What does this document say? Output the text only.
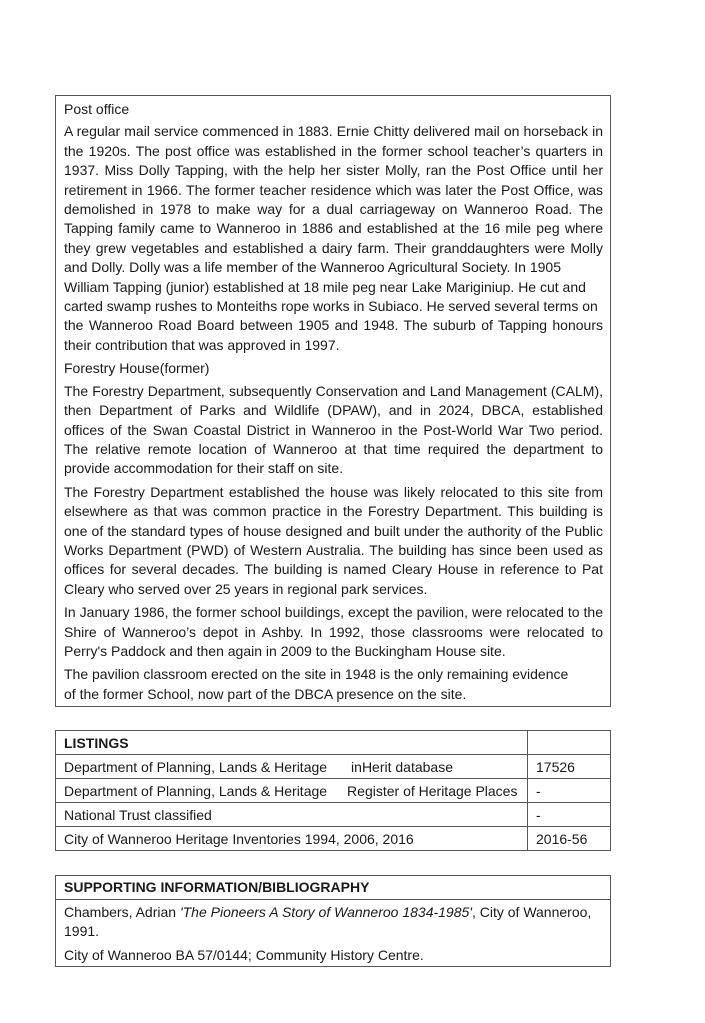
Post office

A regular mail service commenced in 1883. Ernie Chitty delivered mail on horseback in the 1920s. The post office was established in the former school teacher’s quarters in 1937. Miss Dolly Tapping, with the help her sister Molly, ran the Post Office until her retirement in 1966. The former teacher residence which was later the Post Office, was demolished in 1978 to make way for a dual carriageway on Wanneroo Road. The Tapping family came to Wanneroo in 1886 and established at the 16 mile peg where they grew vegetables and established a dairy farm. Their granddaughters were Molly and Dolly. Dolly was a life member of the Wanneroo Agricultural Society. In 1905

William Tapping (junior) established at 18 mile peg near Lake Mariginiup. He cut and carted swamp rushes to Monteiths rope works in Subiaco. He served several terms on

the Wanneroo Road Board between 1905 and 1948. The suburb of Tapping honours their contribution that was approved in 1997.

Forestry House(former)

The Forestry Department, subsequently Conservation and Land Management (CALM), then Department of Parks and Wildlife (DPAW), and in 2024, DBCA, established offices of the Swan Coastal District in Wanneroo in the Post-World War Two period. The relative remote location of Wanneroo at that time required the department to provide accommodation for their staff on site.

The Forestry Department established the house was likely relocated to this site from elsewhere as that was common practice in the Forestry Department. This building is one of the standard types of house designed and built under the authority of the Public Works Department (PWD) of Western Australia. The building has since been used as offices for several decades. The building is named Cleary House in reference to Pat Cleary who served over 25 years in regional park services.

In January 1986, the former school buildings, except the pavilion, were relocated to the Shire of Wanneroo’s depot in Ashby. In 1992, those classrooms were relocated to Perry's Paddock and then again in 2009 to the Buckingham House site.

The pavilion classroom erected on the site in 1948 is the only remaining evidence
of the former School, now part of the DBCA presence on the site.

LISTINGS	
Department of Planning, Lands & Heritage inHerit database	17526
Department of Planning, Lands & Heritage Register of Heritage Places	-
National Trust classified	-
City of Wanneroo Heritage Inventories 1994, 2006, 2016	2016-56
SUPPORTING INFORMATION/BIBLIOGRAPHY

Chambers, Adrian 'The Pioneers A Story of Wanneroo 1834-1985', City of Wanneroo, 1991.

City of Wanneroo BA 57/0144; Community History Centre.
